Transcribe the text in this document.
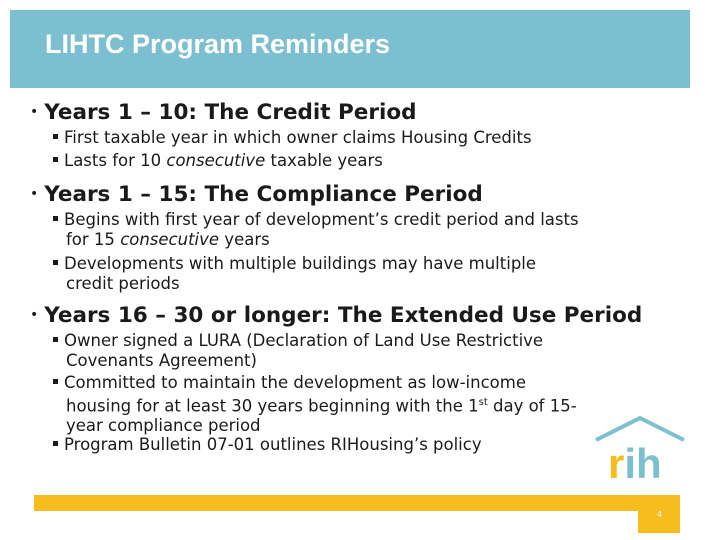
LIHTC Program Reminders
• Years 1 – 10: The Credit Period
First taxable year in which owner claims Housing Credits
Lasts for 10 consecutive taxable years
• Years 1 – 15: The Compliance Period
Begins with first year of development’s credit period and lasts
for 15 consecutive years
Developments with multiple buildings may have multiple
credit periods
• Years 16 – 30 or longer: The Extended Use Period
Owner signed a LURA (Declaration of Land Use Restrictive
Covenants Agreement)
Committed to maintain the development as low-income
housing for at least 30 years beginning with the 1st day of 15-
year compliance period
Program Bulletin 07-01 outlines RIHousing’s policy	rih
4
